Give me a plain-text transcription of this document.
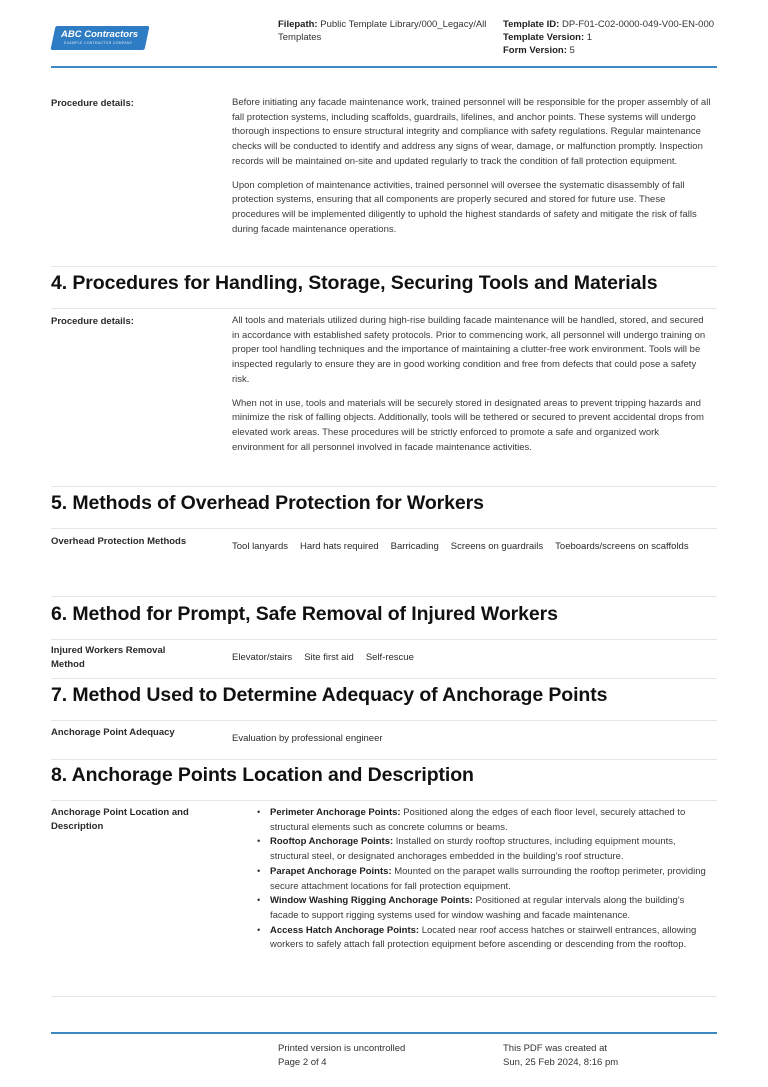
ABC Contractors
EXAMPLE CONTRACTOR COMPANY
Filepath: Public Template Library/000_Legacy/All Templates
Template ID: DP-F01-C02-0000-049-V00-EN-000
Template Version: 1
Form Version: 5
Procedure details:	Before initiating any facade maintenance work, trained personnel will be responsible for the proper assembly of all fall protection systems, including scaffolds, guardrails, lifelines, and anchor points. These systems will undergo thorough inspections to ensure structural integrity and compliance with safety regulations. Regular maintenance checks will be conducted to identify and address any signs of wear, damage, or malfunction promptly. Inspection records will be maintained on-site and updated regularly to track the condition of fall protection equipment.

Upon completion of maintenance activities, trained personnel will oversee the systematic disassembly of fall protection systems, ensuring that all components are properly secured and stored for future use. These procedures will be implemented diligently to uphold the highest standards of safety and mitigate the risk of falls during facade maintenance operations.

4. Procedures for Handling, Storage, Securing Tools and Materials
Procedure details:	All tools and materials utilized during high-rise building facade maintenance will be handled, stored, and secured in accordance with established safety protocols. Prior to commencing work, all personnel will undergo training on proper tool handling techniques and the importance of maintaining a clutter-free work environment. Tools will be inspected regularly to ensure they are in good working condition and free from defects that could pose a safety risk.

When not in use, tools and materials will be securely stored in designated areas to prevent tripping hazards and minimize the risk of falling objects. Additionally, tools will be tethered or secured to prevent accidental drops from elevated work areas. These procedures will be strictly enforced to promote a safe and organized work environment for all personnel involved in facade maintenance activities.

5. Methods of Overhead Protection for Workers
Overhead Protection Methods	Tool lanyards Hard hats required Barricading Screens on guardrails Toeboards/screens on scaffolds
6. Method for Prompt, Safe Removal of Injured Workers
Injured Workers Removal Method
Elevator/stairs Site first aid Self-rescue
7. Method Used to Determine Adequacy of Anchorage Points
Anchorage Point Adequacy
Evaluation by professional engineer
8. Anchorage Points Location and Description
Anchorage Point Location and Description
• Perimeter Anchorage Points: Positioned along the edges of each floor level, securely attached to structural elements such as concrete columns or beams.
• Rooftop Anchorage Points: Installed on sturdy rooftop structures, including equipment mounts, structural steel, or designated anchorages embedded in the building's roof structure.
• Parapet Anchorage Points: Mounted on the parapet walls surrounding the rooftop perimeter, providing secure attachment locations for fall protection equipment.
• Window Washing Rigging Anchorage Points: Positioned at regular intervals along the building's facade to support rigging systems used for window washing and facade maintenance.
• Access Hatch Anchorage Points: Located near roof access hatches or stairwell entrances, allowing workers to safely attach fall protection equipment before ascending or descending from the rooftop.
Printed version is uncontrolled
Page 2 of 4
This PDF was created at
Sun, 25 Feb 2024, 8:16 pm
